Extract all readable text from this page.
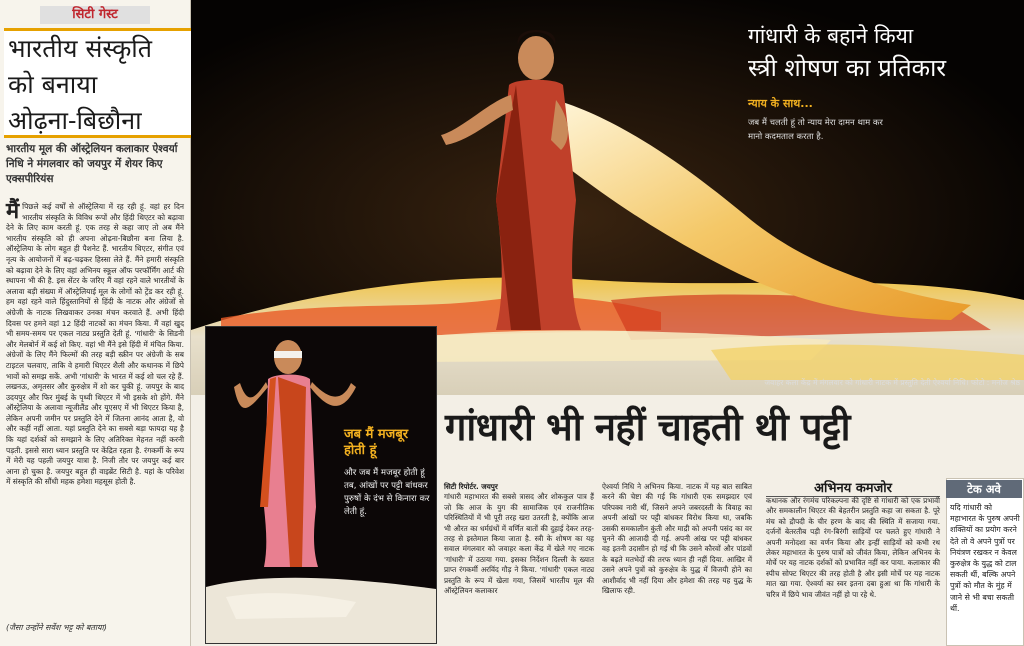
सिटी गेस्ट
भारतीय संस्कृति
को बनाया
ओढ़ना-बिछौना
भारतीय मूल की ऑस्ट्रेलियन कलाकार ऐश्वर्या निधि ने मंगलवार को जयपुर में शेयर किए एक्सपीरियंस
मैं पिछले कई वर्षों से ऑस्ट्रेलिया में रह रही हूं. वहां हर दिन भारतीय संस्कृति के विविध रूपों और हिंदी थिएटर को बढ़ावा देने के लिए काम करती हूं. एक तरह से कहा जाए तो अब मैंने भारतीय संस्कृति को ही अपना ओढ़ना-बिछौना बना लिया है. ऑस्ट्रेलिया के लोग बहुत ही पैशनेट हैं. भारतीय थिएटर, संगीत एवं नृत्य के आयोजनों में बढ़-चढ़कर हिस्सा लेते हैं. मैंने हमारी संस्कृति को बढ़ावा देने के लिए वहां अभिनय स्कूल ऑफ परफॉर्मिंग आर्ट की स्थापना भी की है. इस सेंटर के जरिए मैं वहां रहने वाले भारतीयों के अलावा बड़ी संख्या में ऑस्ट्रेलियाई मूल के लोगों को ट्रेंड कर रही हूं. हम वहां रहने वाले हिंदुस्तानियों से हिंदी के नाटक और अंग्रेजों से अंग्रेजी के नाटक लिखवाकर उनका मंचन करवाते हैं. अभी हिंदी दिवस पर हमने वहां 12 हिंदी नाटकों का मंचन किया. मैं वहां खुद भी समय-समय पर एकल नाट्य प्रस्तुति देती हूं. 'गांधारी' के सिडनी और मेलबोर्न में कई शो किए. वहां भी मैंने इसे हिंदी में मंचित किया. अंग्रेजों के लिए मैंने फिल्मों की तरह बड़ी स्क्रीन पर अंग्रेजी के सब टाइटल चलवाए, ताकि वे हमारी थिएटर शैली और कथानक में छिपे भावों को समझ सकें. अभी 'गांधारी' के भारत में कई शो चल रहे हैं. लखनऊ, अमृतसर और कुरुक्षेत्र में शो कर चुकी हूं. जयपुर के बाद उदयपुर और फिर मुंबई के पृथ्वी थिएटर में भी इसके शो होंगे. मैंने ऑस्ट्रेलिया के अलावा न्यूजीलैंड और यूएसए में भी थिएटर किया है, लेकिन अपनी जमीन पर प्रस्तुति देने में जितना आनंद आता है, वो और कहीं नहीं आता. यहां प्रस्तुति देने का सबसे बड़ा फायदा यह है कि यहां दर्शकों को समझाने के लिए अतिरिक्त मेहनत नहीं करनी पड़ती. इससे सारा ध्यान प्रस्तुति पर केंद्रित रहता है. रंगकर्मी के रूप में मेरी यह पहली जयपुर यात्रा है. निजी तौर पर जयपुर कई बार आना हो चुका है. जयपुर बहुत ही वाइब्रेंट सिटी है. यहां के परिवेश में संस्कृति की सौंधी महक हमेशा महसूस होती है.

(जैसा उन्होंने सर्वेश भट्ट को बताया)
गांधारी के बहाने किया
स्त्री शोषण का प्रतिकार
न्याय के साथ...
जब मैं चलती हूं तो न्याय मेरा दामन थाम कर मानो कदमताल करता है.
जवाहर कला केंद्र में मंगलवार को गांधारी नाटक में प्रस्तुति देती ऐश्वर्या निधि। फोटो : मनोज श्रेष्ठ
जब मैं मजबूर
होती हूं
और जब मैं मजबूर होती हूं तब, आंखों पर पट्टी बांधकर पुरुषों के दंभ से किनारा कर लेती हूं.
गांधारी भी नहीं चाहती थी पट्टी

सिटी रिपोर्टर. जयपुर

गांधारी महाभारत की सबसे त्रासद और शोककुल पात्र हैं जो कि आज के युग की सामाजिक एवं राजनीतिक परिस्थितियों में भी पूरी तरह खरा उतरती है, क्योंकि आज भी औरत का धर्मग्रंथों में वर्णित बातों की दुहाई देकर तरह-तरह से इस्तेमाल किया जाता है. स्त्री के शोषण का यह सवाल मंगलवार को जवाहर कला केंद्र में खेले गए नाटक 'गांधारी' में उठाया गया. इसका निर्देशन दिल्ली के ख्यात प्राप्त रंगकर्मी अरविंद गौड़ ने किया. 'गांधारी' एकल नाट्य प्रस्तुति के रूप में खेला गया, जिसमें भारतीय मूल की ऑस्ट्रेलियन कलाकार

ऐश्वर्या निधि ने अभिनय किया. नाटक में यह बात साबित करने की चेष्टा की गई कि गांधारी एक समझदार एवं परिपक्व नारी थीं, जिसने अपने जबरदस्ती के विवाह का अपनी आंखों पर पट्टी बांधकर विरोध किया था, जबकि उसकी समकालीन कुंती और माद्री को अपनी पसंद का वर चुनने की आजादी दी गई. अपनी आंख पर पट्टी बांधकर वह इतनी उदासीन हो गई थी कि उसने कौरवों और पांडवों के बढ़ते मतभेदों की तरफ ध्यान ही नहीं दिया. आखिर में उसने अपने पुत्रों को कुरुक्षेत्र के युद्ध में विजयी होने का आशीर्वाद भी नहीं दिया और हमेशा की तरह यह युद्ध के खिलाफ रही.

अभिनय कमजोर

कथानक और रंगमंच परिकल्पना की दृष्टि से गांधारी को एक प्रभावी और समकालीन थिएटर की बेहतरीन प्रस्तुति कहा जा सकता है. पूरे मंच को द्रौपदी के चीर हरण के बाद की स्थिति में सजाया गया. दर्जनों बेतरतीब पड़ी रंग-बिरंगी साड़ियों पर चलते हुए गांधारी ने अपनी मनोदशा का वर्णन किया और इन्हीं साड़ियों को कभी रथ लेकर महाभारत के पुरुष पात्रों को जीवंत किया, लेकिन अभिनय के मोर्चे पर यह नाटक दर्शकों को प्रभावित नहीं कर पाया. कलाकार की स्पीच सोफ्ट थिएटर की तरह होती है और इसी मोर्चे पर यह नाटक मात खा गया. ऐश्वर्या का स्वर इतना दबा हुआ था कि गांधारी के चरित्र में छिपे भाव जीवंत नहीं हो पा रहे थे.

टेक अवे
यदि गांधारी को महाभारत के पुरुष अपनी शक्तियों का प्रयोग करने देते तो वे अपने पुत्रों पर नियंत्रण रखकर न केवल कुरुक्षेत्र के युद्ध को टाल सकती थीं, बल्कि अपने पुत्रों को मौत के मुंह में जाने से भी बचा सकती थीं.
